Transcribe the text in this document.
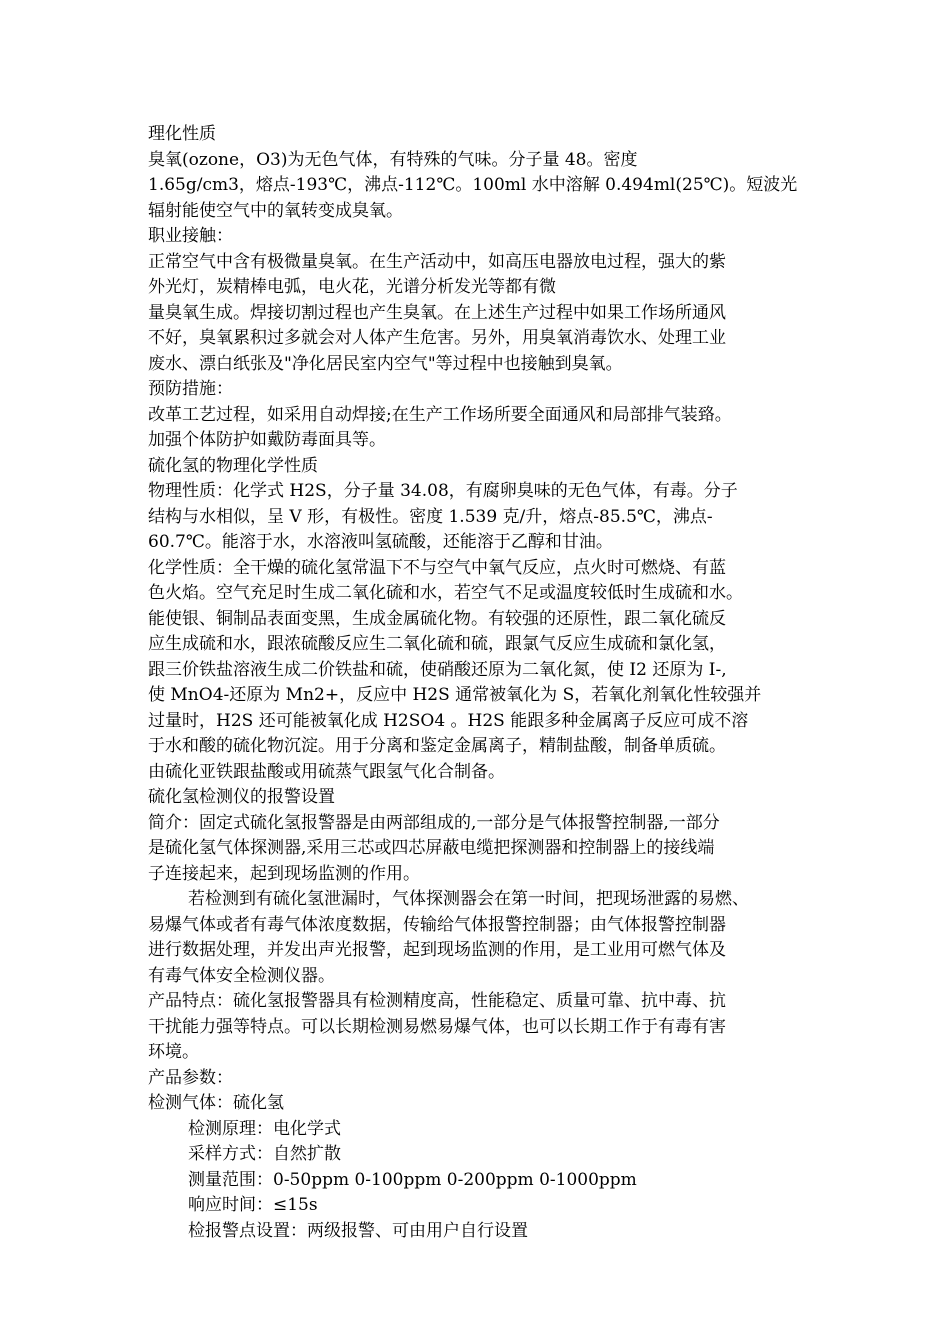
理化性质
臭氧(ozone，O3)为无色气体，有特殊的气味。分子量 48。密度
1.65g/cm3，熔点-193℃，沸点-112℃。100ml 水中溶解 0.494ml(25℃)。短波光
辐射能使空气中的氧转变成臭氧。
职业接触：
正常空气中含有极微量臭氧。在生产活动中，如高压电器放电过程，强大的紫
外光灯，炭精棒电弧，电火花，光谱分析发光等都有微
量臭氧生成。焊接切割过程也产生臭氧。在上述生产过程中如果工作场所通风
不好，臭氧累积过多就会对人体产生危害。另外，用臭氧消毒饮水、处理工业
废水、漂白纸张及"净化居民室内空气"等过程中也接触到臭氧。
预防措施：
改革工艺过程，如采用自动焊接;在生产工作场所要全面通风和局部排气装臵。
加强个体防护如戴防毒面具等。
硫化氢的物理化学性质
物理性质：化学式 H2S，分子量 34.08，有腐卵臭味的无色气体，有毒。分子
结构与水相似，呈 V 形，有极性。密度 1.539 克/升，熔点-85.5℃，沸点-
60.7℃。能溶于水，水溶液叫氢硫酸，还能溶于乙醇和甘油。
化学性质：全干燥的硫化氢常温下不与空气中氧气反应，点火时可燃烧、有蓝
色火焰。空气充足时生成二氧化硫和水，若空气不足或温度较低时生成硫和水。
能使银、铜制品表面变黑，生成金属硫化物。有较强的还原性，跟二氧化硫反
应生成硫和水，跟浓硫酸反应生二氧化硫和硫，跟氯气反应生成硫和氯化氢，
跟三价铁盐溶液生成二价铁盐和硫，使硝酸还原为二氧化氮，使 I2 还原为 I-,
使 MnO4-还原为 Mn2+，反应中 H2S 通常被氧化为 S，若氧化剂氧化性较强并
过量时，H2S 还可能被氧化成 H2SO4 。H2S 能跟多种金属离子反应可成不溶
于水和酸的硫化物沉淀。用于分离和鉴定金属离子，精制盐酸，制备单质硫。
由硫化亚铁跟盐酸或用硫蒸气跟氢气化合制备。
硫化氢检测仪的报警设置
简介：固定式硫化氢报警器是由两部组成的,一部分是气体报警控制器,一部分
是硫化氢气体探测器,采用三芯或四芯屏蔽电缆把探测器和控制器上的接线端
子连接起来，起到现场监测的作用。
若检测到有硫化氢泄漏时，气体探测器会在第一时间，把现场泄露的易燃、
易爆气体或者有毒气体浓度数据，传输给气体报警控制器；由气体报警控制器
进行数据处理，并发出声光报警，起到现场监测的作用，是工业用可燃气体及
有毒气体安全检测仪器。
产品特点：硫化氢报警器具有检测精度高，性能稳定、质量可靠、抗中毒、抗
干扰能力强等特点。可以长期检测易燃易爆气体，也可以长期工作于有毒有害
环境。
产品参数：
检测气体：硫化氢
检测原理：电化学式
采样方式：自然扩散
测量范围：0-50ppm 0-100ppm 0-200ppm 0-1000ppm
响应时间：≤15s
检报警点设置：两级报警、可由用户自行设置
